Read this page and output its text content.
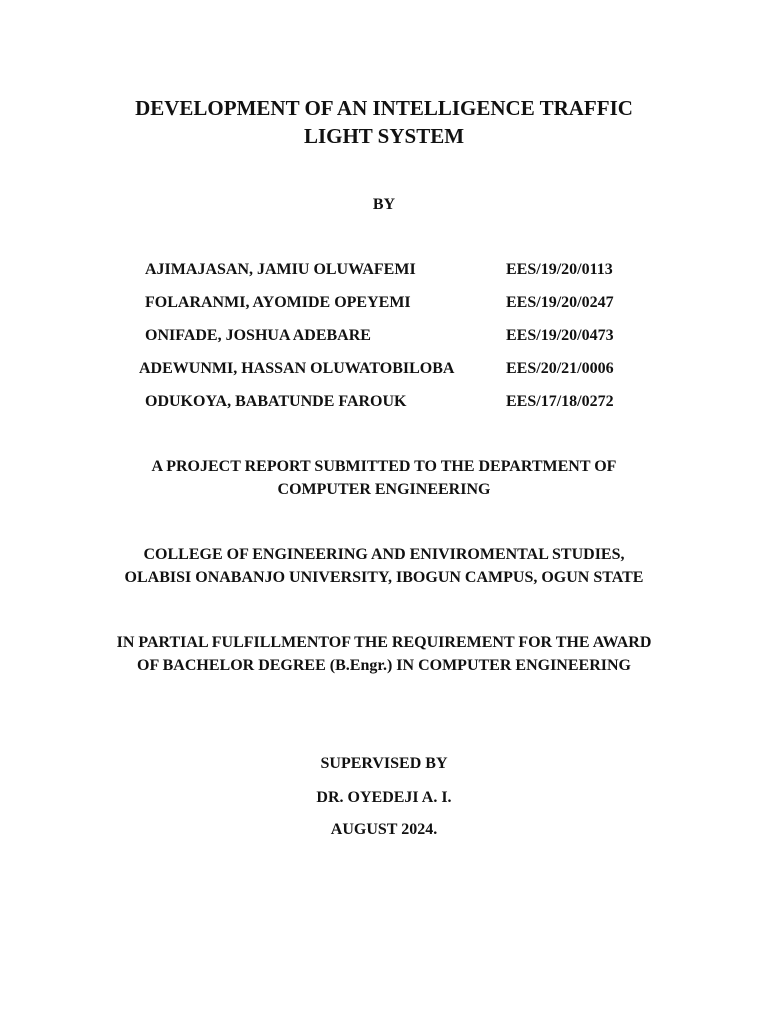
DEVELOPMENT OF AN INTELLIGENCE TRAFFIC
LIGHT SYSTEM
BY
AJIMAJASAN, JAMIU OLUWAFEMI	EES/19/20/0113
FOLARANMI, AYOMIDE OPEYEMI	EES/19/20/0247
ONIFADE, JOSHUA ADEBARE	EES/19/20/0473
ADEWUNMI, HASSAN OLUWATOBILOBA	EES/20/21/0006
ODUKOYA, BABATUNDE FAROUK	EES/17/18/0272
A PROJECT REPORT SUBMITTED TO THE DEPARTMENT OF
COMPUTER ENGINEERING
COLLEGE OF ENGINEERING AND ENIVIROMENTAL STUDIES,
OLABISI ONABANJO UNIVERSITY, IBOGUN CAMPUS, OGUN STATE
IN PARTIAL FULFILLMENTOF THE REQUIREMENT FOR THE AWARD
OF BACHELOR DEGREE (B.Engr.) IN COMPUTER ENGINEERING
SUPERVISED BY
DR. OYEDEJI A. I.
AUGUST 2024.
